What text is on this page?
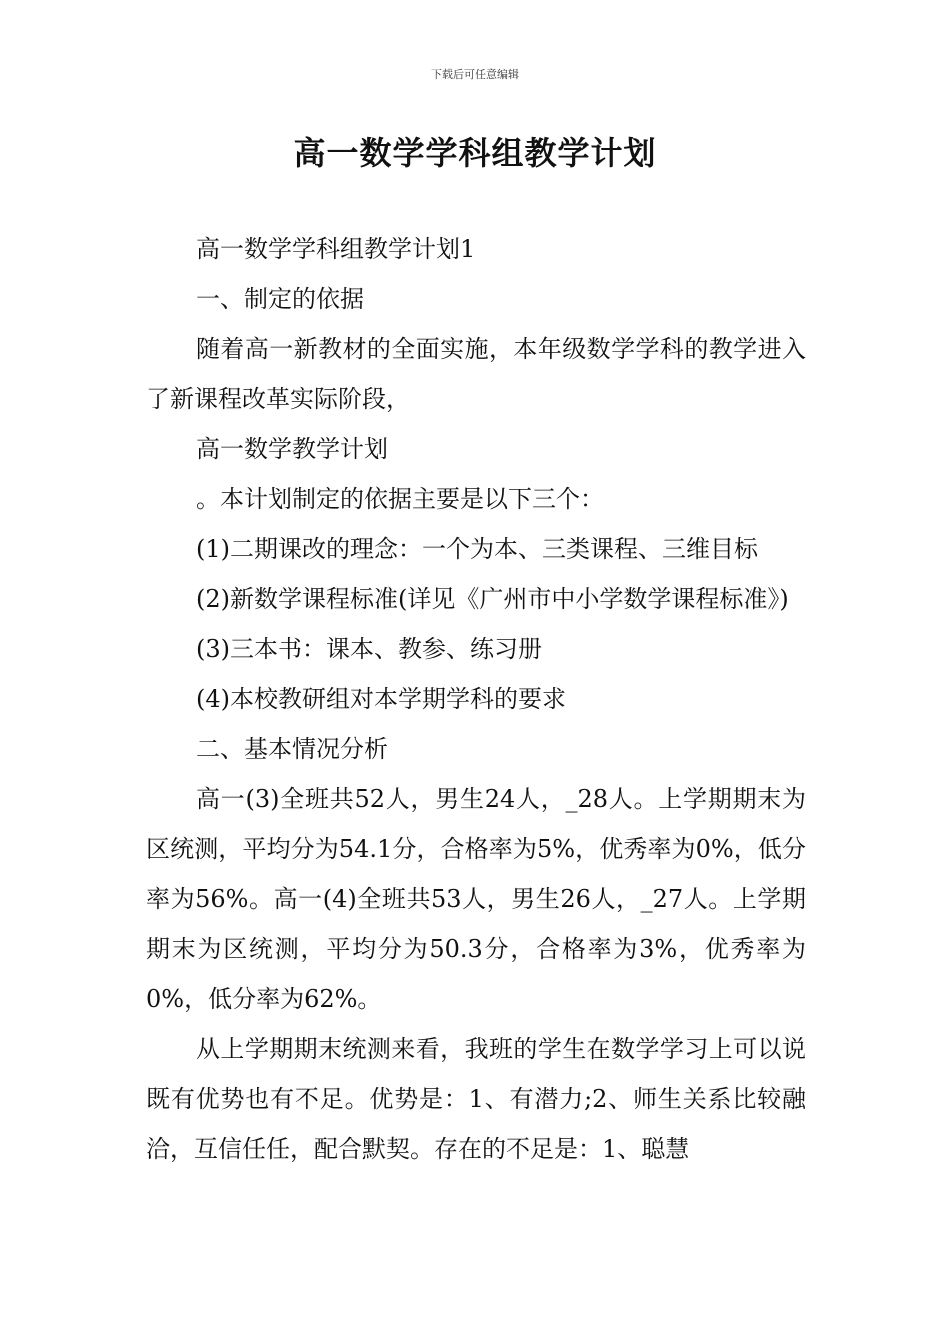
下载后可任意编辑
高一数学学科组教学计划

高一数学学科组教学计划1

一、制定的依据

随着高一新教材的全面实施，本年级数学学科的教学进入了新课程改革实际阶段，

高一数学教学计划

。本计划制定的依据主要是以下三个：

(1)二期课改的理念：一个为本、三类课程、三维目标

(2)新数学课程标准(详见《广州市中小学数学课程标准》)

(3)三本书：课本、教参、练习册

(4)本校教研组对本学期学科的要求

二、基本情况分析

高一(3)全班共52人，男生24人，_28人。上学期期末为区统测，平均分为54.1分，合格率为5%，优秀率为0%，低分率为56%。高一(4)全班共53人，男生26人，_27人。上学期期末为区统测，平均分为50.3分，合格率为3%，优秀率为0%，低分率为62%。

从上学期期末统测来看，我班的学生在数学学习上可以说既有优势也有不足。优势是：1、有潜力;2、师生关系比较融洽，互信任任，配合默契。存在的不足是：1、聪慧
